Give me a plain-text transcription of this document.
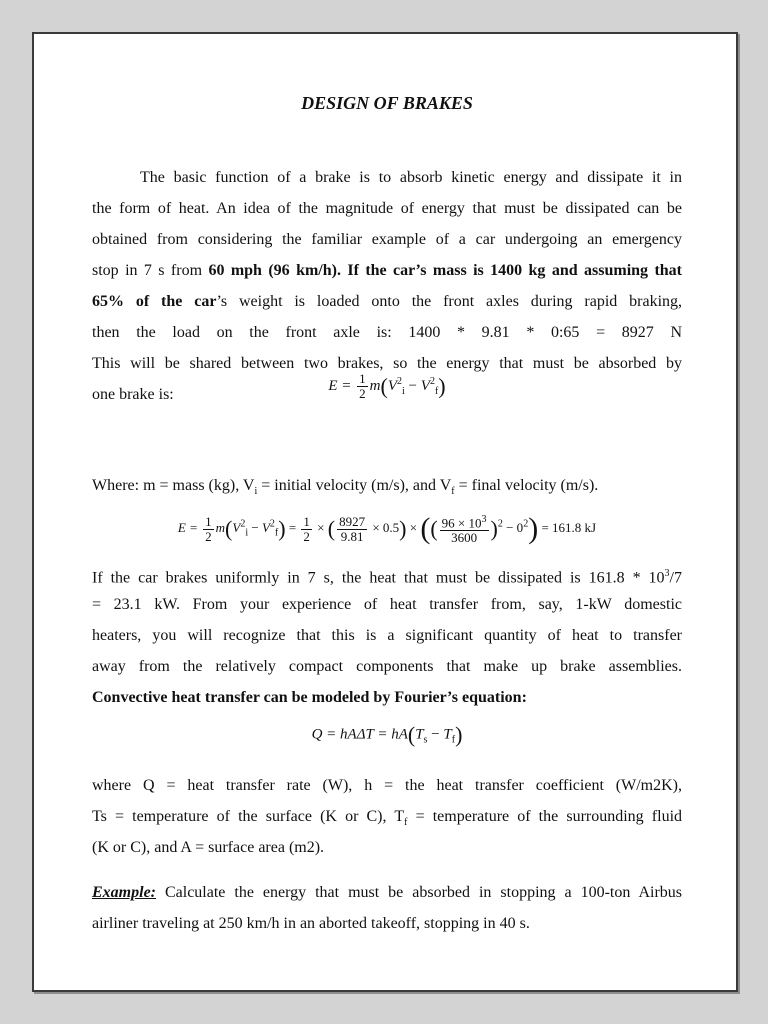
DESIGN OF BRAKES
The basic function of a brake is to absorb kinetic energy and dissipate it in
the form of heat. An idea of the magnitude of energy that must be dissipated can be
obtained from considering the familiar example of a car undergoing an emergency
stop in 7 s from 60 mph (96 km/h). If the car’s mass is 1400 kg and assuming that
65% of the car’s weight is loaded onto the front axles during rapid braking,
then the load on the front axle is: 1400 * 9.81 * 0:65 = 8927 N
This will be shared between two brakes, so the energy that must be absorbed by
one brake is:
$E = \frac{1}{2} m(V^2_i - V^2_f)$
Where: m = mass (kg), $V_i$ = initial velocity (m/s), and $V_f$ = final velocity (m/s).
$E = \frac{1}{2} m(V^2_i - V^2_f) = \frac{1}{2}$ × ( $\frac{8927}{9.81} \times 0.5$) × (( $\frac{96 \times 10^3}{3600} )^2 - 0^2) = 161.8$ kJ
If the car brakes uniformly in 7 s, the heat that must be dissipated is $161.8 * 10^3/7$
= 23.1 kW. From your experience of heat transfer from, say, 1-kW domestic
heaters, you will recognize that this is a significant quantity of heat to transfer
away from the relatively compact components that make up brake assemblies.
Convective heat transfer can be modeled by Fourier’s equation:
$Q = hA\Delta T = hA(T_s - T_f)$
where Q = heat transfer rate (W), h = the heat transfer coefficient (W/m2K),
Ts = temperature of the surface (K or C), $T_f$ = temperature of the surrounding fluid
(K or C), and A = surface area (m2).
Example: Calculate the energy that must be absorbed in stopping a 100-ton Airbus
airliner traveling at 250 km/h in an aborted takeoff, stopping in 40 s.
